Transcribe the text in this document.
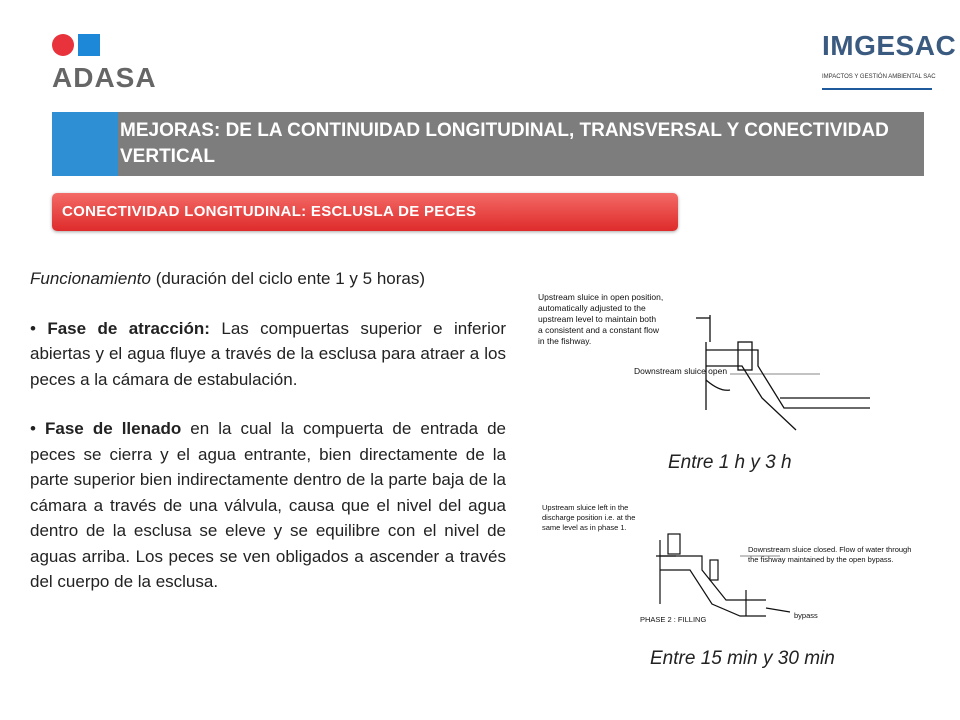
ADASA
IMGESAC
IMPACTOS Y GESTIÓN AMBIENTAL SAC
MEJORAS: DE LA CONTINUIDAD LONGITUDINAL, TRANSVERSAL Y CONECTIVIDAD VERTICAL
CONECTIVIDAD LONGITUDINAL: ESCLUSLA DE PECES

Funcionamiento (duración del ciclo ente 1 y 5 horas)

• Fase de atracción: Las compuertas superior e inferior abiertas y el agua fluye a través de la esclusa para atraer a los peces a la cámara de estabulación.

• Fase de llenado en la cual la compuerta de entrada de peces se cierra y el agua entrante, bien directamente de la parte superior bien indirectamente dentro de la parte baja de la cámara a través de una válvula, causa que el nivel del agua dentro de la esclusa se eleve y se equilibre con el nivel de aguas arriba. Los peces se ven obligados a ascender a través del cuerpo de la esclusa.

Upstream sluice in open position,
automatically adjusted to the
upstream level to maintain both
a consistent and a constant flow
in the fishway.
Downstream sluice open
Entre 1 h y 3 h
Upstream sluice left in the
discharge position i.e. at the
same level as in phase 1.
Downstream sluice closed. Flow of water through
the fishway maintained by the open bypass.
bypass
PHASE 2 : FILLING
Entre 15 min y 30 min
